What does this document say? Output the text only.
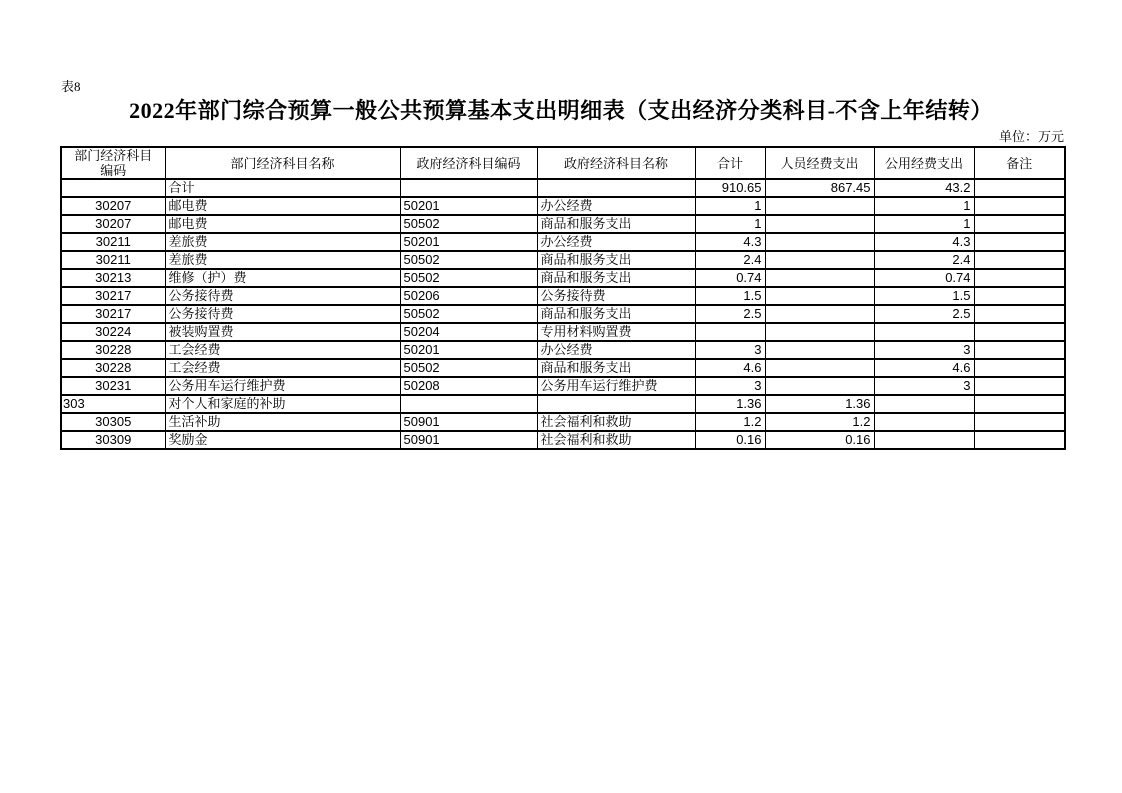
表8
2022年部门综合预算一般公共预算基本支出明细表（支出经济分类科目-不含上年结转）
单位：万元
部门经济科目编码	部门经济科目名称	政府经济科目编码	政府经济科目名称	合计	人员经费支出	公用经费支出	备注
	合计			910.65	867.45	43.2	
30207	邮电费	50201	办公经费	1		1	
30207	邮电费	50502	商品和服务支出	1		1	
30211	差旅费	50201	办公经费	4.3		4.3	
30211	差旅费	50502	商品和服务支出	2.4		2.4	
30213	维修（护）费	50502	商品和服务支出	0.74		0.74	
30217	公务接待费	50206	公务接待费	1.5		1.5	
30217	公务接待费	50502	商品和服务支出	2.5		2.5	
30224	被装购置费	50204	专用材料购置费				
30228	工会经费	50201	办公经费	3		3	
30228	工会经费	50502	商品和服务支出	4.6		4.6	
30231	公务用车运行维护费	50208	公务用车运行维护费	3		3	
303	对个人和家庭的补助			1.36	1.36		
30305	生活补助	50901	社会福利和救助	1.2	1.2		
30309	奖励金	50901	社会福利和救助	0.16	0.16		
